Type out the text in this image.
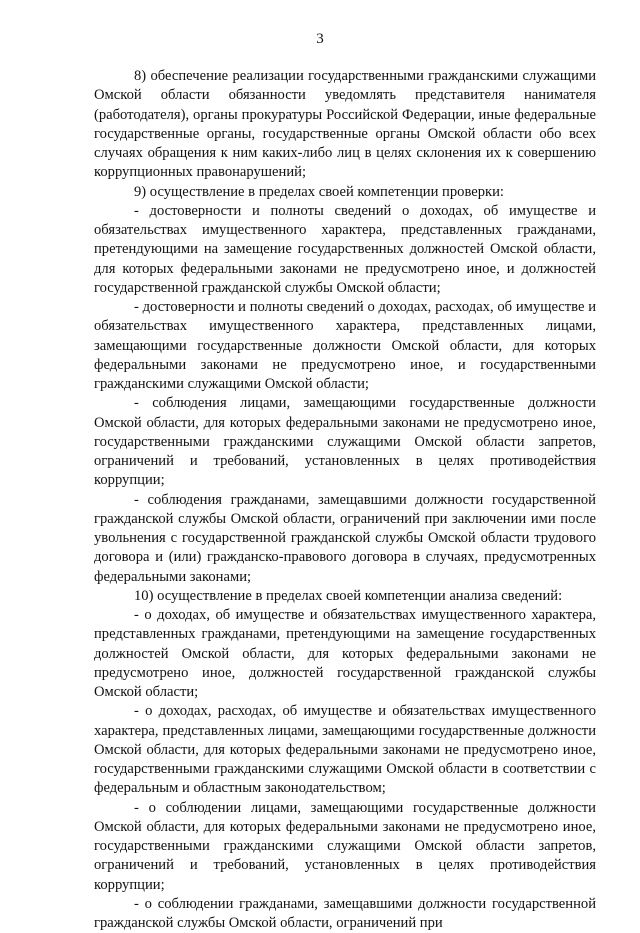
3

8) обеспечение реализации государственными гражданскими служащими Омской области обязанности уведомлять представителя нанимателя (работодателя), органы прокуратуры Российской Федерации, иные федеральные государственные органы, государственные органы Омской области обо всех случаях обращения к ним каких-либо лиц в целях склонения их к совершению коррупционных правонарушений;

9) осуществление в пределах своей компетенции проверки:

- достоверности и полноты сведений о доходах, об имуществе и обязательствах имущественного характера, представленных гражданами, претендующими на замещение государственных должностей Омской области, для которых федеральными законами не предусмотрено иное, и должностей государственной гражданской службы Омской области;

- достоверности и полноты сведений о доходах, расходах, об имуществе и обязательствах имущественного характера, представленных лицами, замещающими государственные должности Омской области, для которых федеральными законами не предусмотрено иное, и государственными гражданскими служащими Омской области;

- соблюдения лицами, замещающими государственные должности Омской области, для которых федеральными законами не предусмотрено иное, государственными гражданскими служащими Омской области запретов, ограничений и требований, установленных в целях противодействия коррупции;

- соблюдения гражданами, замещавшими должности государственной гражданской службы Омской области, ограничений при заключении ими после увольнения с государственной гражданской службы Омской области трудового договора и (или) гражданско-правового договора в случаях, предусмотренных федеральными законами;

10) осуществление в пределах своей компетенции анализа сведений:

- о доходах, об имуществе и обязательствах имущественного характера, представленных гражданами, претендующими на замещение государственных должностей Омской области, для которых федеральными законами не предусмотрено иное, должностей государственной гражданской службы Омской области;

- о доходах, расходах, об имуществе и обязательствах имущественного характера, представленных лицами, замещающими государственные должности Омской области, для которых федеральными законами не предусмотрено иное, государственными гражданскими служащими Омской области в соответствии с федеральным и областным законодательством;

- о соблюдении лицами, замещающими государственные должности Омской области, для которых федеральными законами не предусмотрено иное, государственными гражданскими служащими Омской области запретов, ограничений и требований, установленных в целях противодействия коррупции;

- о соблюдении гражданами, замещавшими должности государственной гражданской службы Омской области, ограничений при
